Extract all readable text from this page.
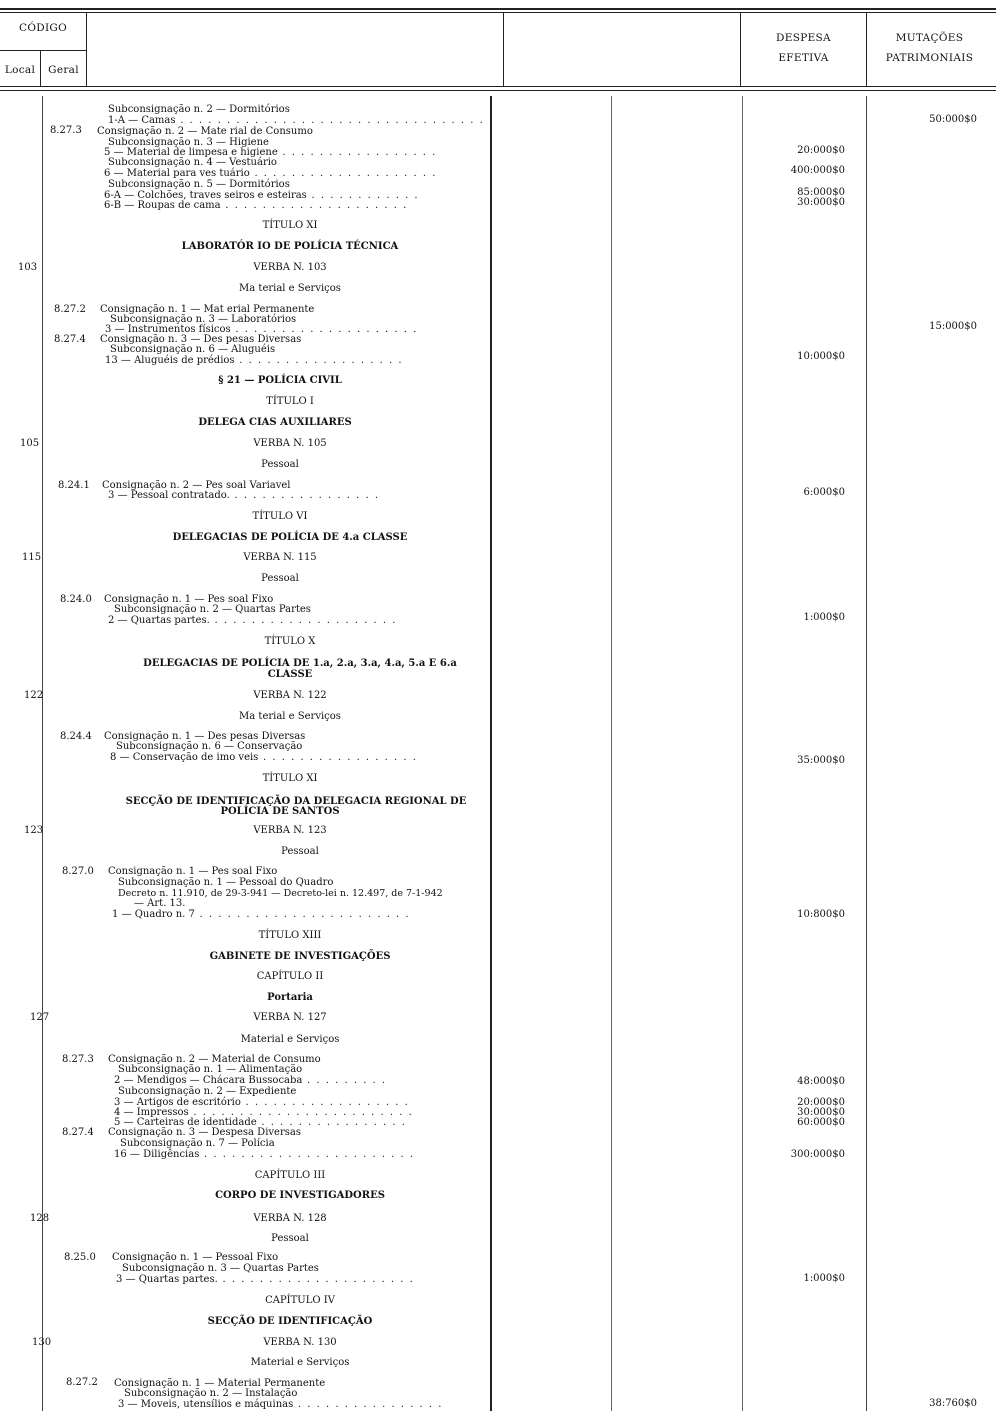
CÓDIGO
Local	Geral
DESPESA
EFETIVA
MUTAÇÕES
PATRIMONIAIS
103
105
115
122
123
127
128
130
8.27.3
8.27.2
8.27.4
8.24.1
8.24.0
8.24.4
8.27.0
8.27.3
8.27.4
8.25.0
8.27.2
Subconsignação n. 2 — Dormitórios
1-A — Camas . . . . . . . . . . . . . . . . . . . . . . . . . . . . . . . . . .
Consignação n. 2 — Mate rial de Consumo
Subconsignação n. 3 — Higiene
5 — Material de limpesa e higiene . . . . . . . . . . . . . . . . .
Subconsignação n. 4 — Vestuário
6 — Material para ves tuário . . . . . . . . . . . . . . . . . . . .
Subconsignação n. 5 — Dormitórios
6-A — Colchões, traves seiros e esteiras . . . . . . . . . . . .
6-B — Roupas de cama . . . . . . . . . . . . . . . . . . . .
TÍTULO XI
LABORATÓR IO DE POLÍCIA TÉCNICA
VERBA N. 103
Ma terial e Serviços
Consignação n. 1 — Mat erial Permanente
Subconsignação n. 3 — Laboratórios
3 — Instrumentos físicos . . . . . . . . . . . . . . . . . . . .
Consignação n. 3 — Des pesas Diversas
Subconsignação n. 6 — Aluguéis
13 — Aluguéis de prédios . . . . . . . . . . . . . . . . . .
§ 21 — POLÍCIA CIVIL
TÍTULO I
DELEGA CIAS AUXILIARES
VERBA N. 105
Pessoal
Consignação n. 2 — Pes soal Variavel
3 — Pessoal contratado. . . . . . . . . . . . . . . . .
TÍTULO VI
DELEGACIAS DE POLÍCIA DE 4.a CLASSE
VERBA N. 115
Pessoal
Consignação n. 1 — Pes soal Fixo
Subconsignação n. 2 — Quartas Partes
2 — Quartas partes. . . . . . . . . . . . . . . . . . . . .
TÍTULO X
DELEGACIAS DE POLÍCIA DE 1.a, 2.a, 3.a, 4.a, 5.a E 6.a
CLASSE
VERBA N. 122
Ma terial e Serviços
Consignação n. 1 — Des pesas Diversas
Subconsignação n. 6 — Conservação
8 — Conservação de imo veis . . . . . . . . . . . . . . . . .
TÍTULO XI
SECÇÃO DE IDENTIFICAÇÃO DA DELEGACIA REGIONAL DE
POLÍCIA DE SANTOS
VERBA N. 123
Pessoal
Consignação n. 1 — Pes soal Fixo
Subconsignação n. 1 — Pessoal do Quadro
Decreto n. 11.910, de 29-3-941 — Decreto-lei n. 12.497, de 7-1-942
— Art. 13.
1 — Quadro n. 7 . . . . . . . . . . . . . . . . . . . . . . .
TÍTULO XIII
GABINETE DE INVESTIGAÇÕES
CAPÍTULO II
Portaria
VERBA N. 127
Material e Serviços
Consignação n. 2 — Material de Consumo
Subconsignação n. 1 — Alimentação
2 — Mendigos — Chácara Bussocaba . . . . . . . . .
Subconsignação n. 2 — Expediente
3 — Artigos de escritório . . . . . . . . . . . . . . . . . .
4 — Impressos . . . . . . . . . . . . . . . . . . . . . . . .
5 — Carteiras de identidade . . . . . . . . . . . . . . . .
Consignação n. 3 — Despesa Diversas
Subconsignação n. 7 — Polícia
16 — Diligências . . . . . . . . . . . . . . . . . . . . . . .
CAPÍTULO III
CORPO DE INVESTIGADORES
VERBA N. 128
Pessoal
Consignação n. 1 — Pessoal Fixo
Subconsignação n. 3 — Quartas Partes
3 — Quartas partes. . . . . . . . . . . . . . . . . . . . . .
CAPÍTULO IV
SECÇÃO DE IDENTIFICAÇÃO
VERBA N. 130
Material e Serviços
Consignação n. 1 — Material Permanente
Subconsignação n. 2 — Instalação
3 — Moveis, utensílios e máquinas . . . . . . . . . . . . . . . .
20:000$0
400:000$0
85:000$0
30:000$0
10:000$0
6:000$0
1:000$0
35:000$0
10:800$0
48:000$0
20:000$0
30:000$0
60:000$0
300:000$0
1:000$0
50:000$0
15:000$0
38:760$0
